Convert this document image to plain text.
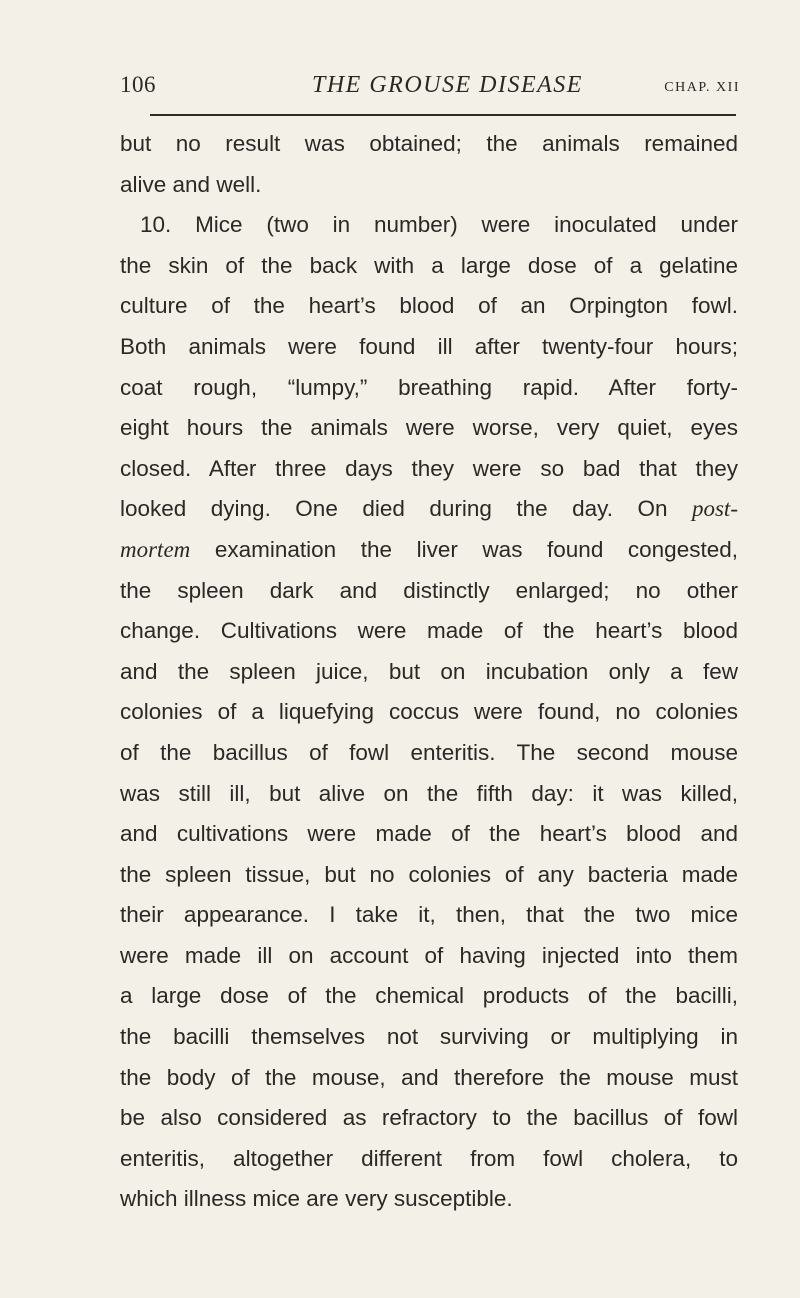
106	THE GROUSE DISEASE	CHAP. XII
but no result was obtained; the animals remained
alive and well.
10. Mice (two in number) were inoculated under
the skin of the back with a large dose of a gelatine
culture of the heart’s blood of an Orpington fowl.
Both animals were found ill after twenty-four hours;
coat rough, “lumpy,” breathing rapid. After forty-
eight hours the animals were worse, very quiet, eyes
closed. After three days they were so bad that they
looked dying. One died during the day. On post-
mortem examination the liver was found congested,
the spleen dark and distinctly enlarged; no other
change. Cultivations were made of the heart’s blood
and the spleen juice, but on incubation only a few
colonies of a liquefying coccus were found, no colonies
of the bacillus of fowl enteritis. The second mouse
was still ill, but alive on the fifth day: it was killed,
and cultivations were made of the heart’s blood and
the spleen tissue, but no colonies of any bacteria made
their appearance. I take it, then, that the two mice
were made ill on account of having injected into them
a large dose of the chemical products of the bacilli,
the bacilli themselves not surviving or multiplying in
the body of the mouse, and therefore the mouse must
be also considered as refractory to the bacillus of fowl
enteritis, altogether different from fowl cholera, to
which illness mice are very susceptible.
